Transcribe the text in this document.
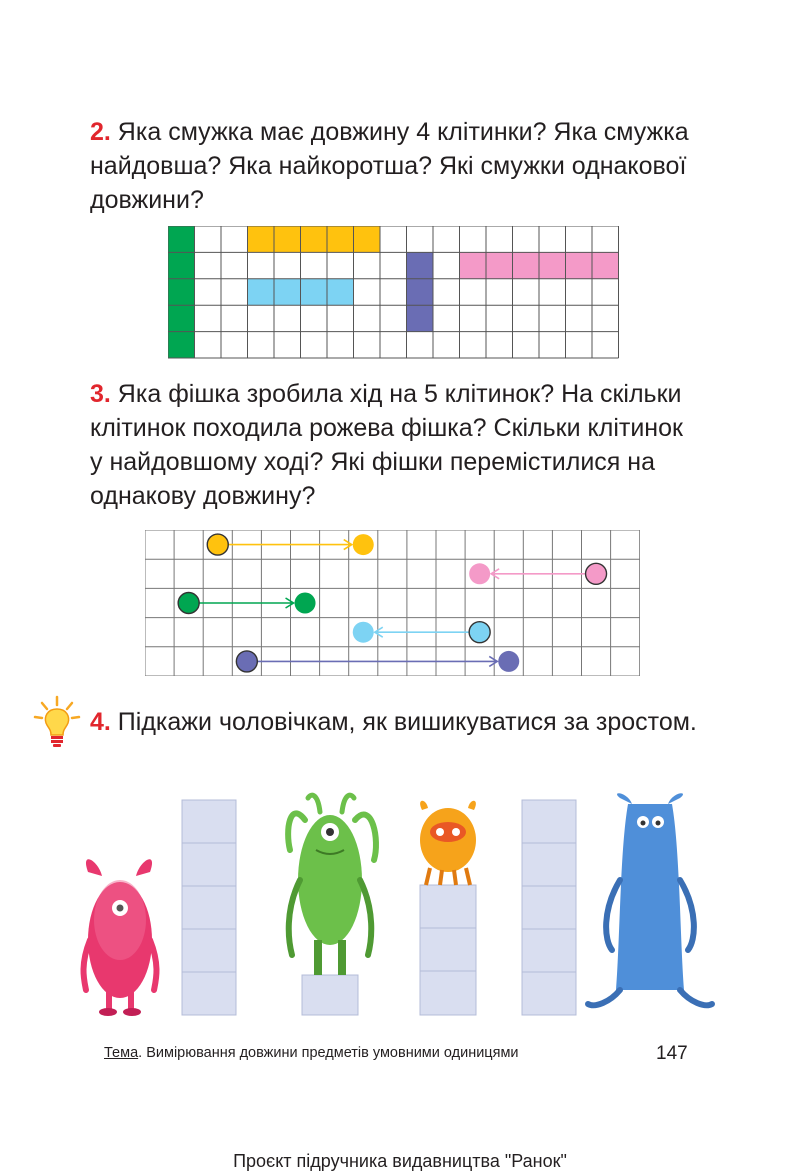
2. Яка смужка має довжину 4 клітинки? Яка смужка найдовша? Яка найкоротша? Які смужки однакової довжини?

3. Яка фішка зробила хід на 5 клітинок? На скільки клітинок походила рожева фішка? Скільки клітинок у найдовшому ході? Які фішки перемістилися на однакову довжину?

4. Підкажи чоловічкам, як вишикуватися за зростом.

Тема. Вимірювання довжини предметів умовними одиницями	147
Проєкт підручника видавництва "Ранок"
